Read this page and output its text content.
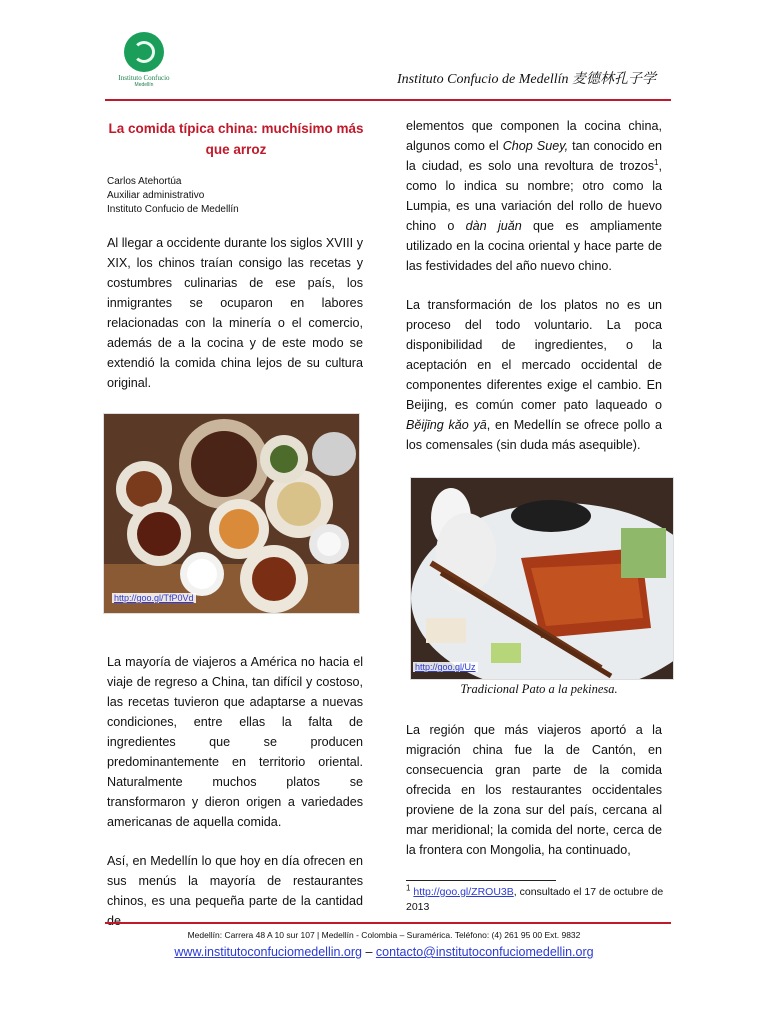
Instituto Confucio
Medellín	Instituto Confucio de Medellín 麦德林孔子学
La comida típica china: muchísimo más que arroz
Carlos Atehortúa
Auxiliar administrativo
Instituto Confucio de Medellín

Al llegar a occidente durante los siglos XVIII y XIX, los chinos traían consigo las recetas y costumbres culinarias de ese país, los inmigrantes se ocuparon en labores relacionadas con la minería o el comercio, además de a la cocina y de este modo se extendió la comida china lejos de su cultura original.

http://goo.gl/TfP0Vd

La mayoría de viajeros a América no hacia el viaje de regreso a China, tan difícil y costoso, las recetas tuvieron que adaptarse a nuevas condiciones, entre ellas la falta de ingredientes que se producen predominantemente en territorio oriental. Naturalmente muchos platos se transformaron y dieron origen a variedades americanas de aquella comida.

Así, en Medellín lo que hoy en día ofrecen en sus menús la mayoría de restaurantes chinos, es una pequeña parte de la cantidad de

elementos que componen la cocina china, algunos como el Chop Suey, tan conocido en la ciudad, es solo una revoltura de trozos$^1$, como lo indica su nombre; otro como la Lumpia, es una variación del rollo de huevo chino o dàn juǎn que es ampliamente utilizado en la cocina oriental y hace parte de las festividades del año nuevo chino.

La transformación de los platos no es un proceso del todo voluntario. La poca disponibilidad de ingredientes, o la aceptación en el mercado occidental de componentes diferentes exige el cambio. En Beijing, es común comer pato laqueado o Běijīng kǎo yā, en Medellín se ofrece pollo a los comensales (sin duda más asequible).

http://goo.gl/Uz
Tradicional Pato a la pekinesa.

La región que más viajeros aportó a la migración china fue la de Cantón, en consecuencia gran parte de la comida ofrecida en los restaurantes occidentales proviene de la zona sur del país, cercana al mar meridional; la comida del norte, cerca de la frontera con Mongolia, ha continuado,

$^1$ http://goo.gl/ZROU3B, consultado el 17 de octubre de 2013
Medellín: Carrera 48 A 10 sur 107 | Medellín - Colombia – Suramérica. Teléfono: (4) 261 95 00 Ext. 9832
www.institutoconfuciomedellin.org – contacto@institutoconfuciomedellin.org
